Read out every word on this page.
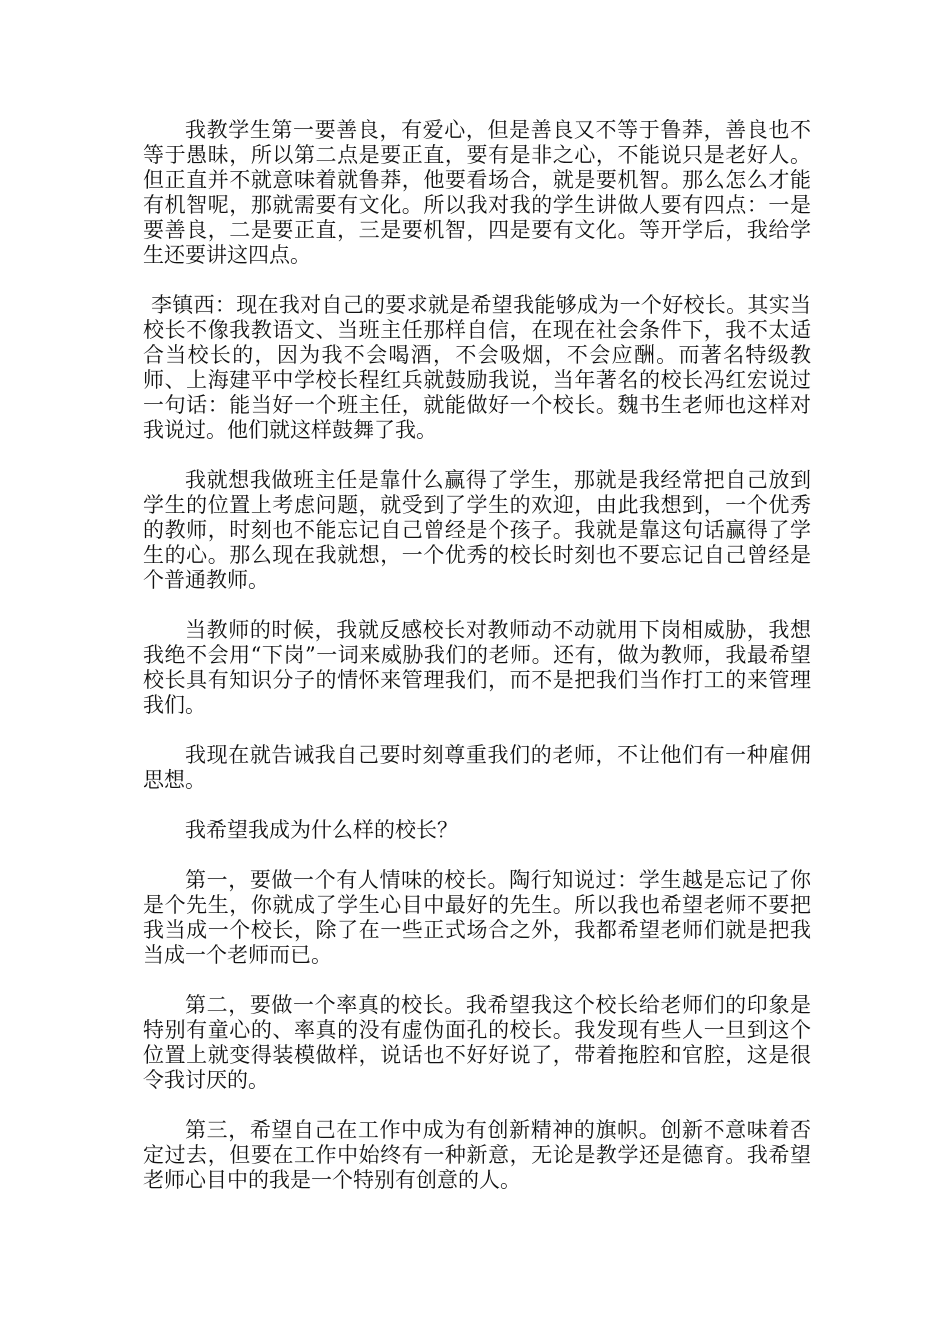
我教学生第一要善良，有爱心，但是善良又不等于鲁莽，善良也不等于愚昧，所以第二点是要正直，要有是非之心，不能说只是老好人。但正直并不就意味着就鲁莽，他要看场合，就是要机智。那么怎么才能有机智呢，那就需要有文化。所以我对我的学生讲做人要有四点：一是要善良，二是要正直，三是要机智，四是要有文化。等开学后，我给学生还要讲这四点。

李镇西：现在我对自己的要求就是希望我能够成为一个好校长。其实当校长不像我教语文、当班主任那样自信，在现在社会条件下，我不太适合当校长的，因为我不会喝酒，不会吸烟，不会应酬。而著名特级教师、上海建平中学校长程红兵就鼓励我说，当年著名的校长冯红宏说过一句话：能当好一个班主任，就能做好一个校长。魏书生老师也这样对我说过。他们就这样鼓舞了我。

我就想我做班主任是靠什么赢得了学生，那就是我经常把自己放到学生的位置上考虑问题，就受到了学生的欢迎，由此我想到，一个优秀的教师，时刻也不能忘记自己曾经是个孩子。我就是靠这句话赢得了学生的心。那么现在我就想，一个优秀的校长时刻也不要忘记自己曾经是个普通教师。

当教师的时候，我就反感校长对教师动不动就用下岗相威胁，我想我绝不会用“下岗”一词来威胁我们的老师。还有，做为教师，我最希望校长具有知识分子的情怀来管理我们，而不是把我们当作打工的来管理我们。

我现在就告诫我自己要时刻尊重我们的老师，不让他们有一种雇佣思想。

我希望我成为什么样的校长？

第一，要做一个有人情味的校长。陶行知说过：学生越是忘记了你是个先生，你就成了学生心目中最好的先生。所以我也希望老师不要把我当成一个校长，除了在一些正式场合之外，我都希望老师们就是把我当成一个老师而已。

第二，要做一个率真的校长。我希望我这个校长给老师们的印象是特别有童心的、率真的没有虚伪面孔的校长。我发现有些人一旦到这个位置上就变得装模做样，说话也不好好说了，带着拖腔和官腔，这是很令我讨厌的。

第三，希望自己在工作中成为有创新精神的旗帜。创新不意味着否定过去，但要在工作中始终有一种新意，无论是教学还是德育。我希望老师心目中的我是一个特别有创意的人。
